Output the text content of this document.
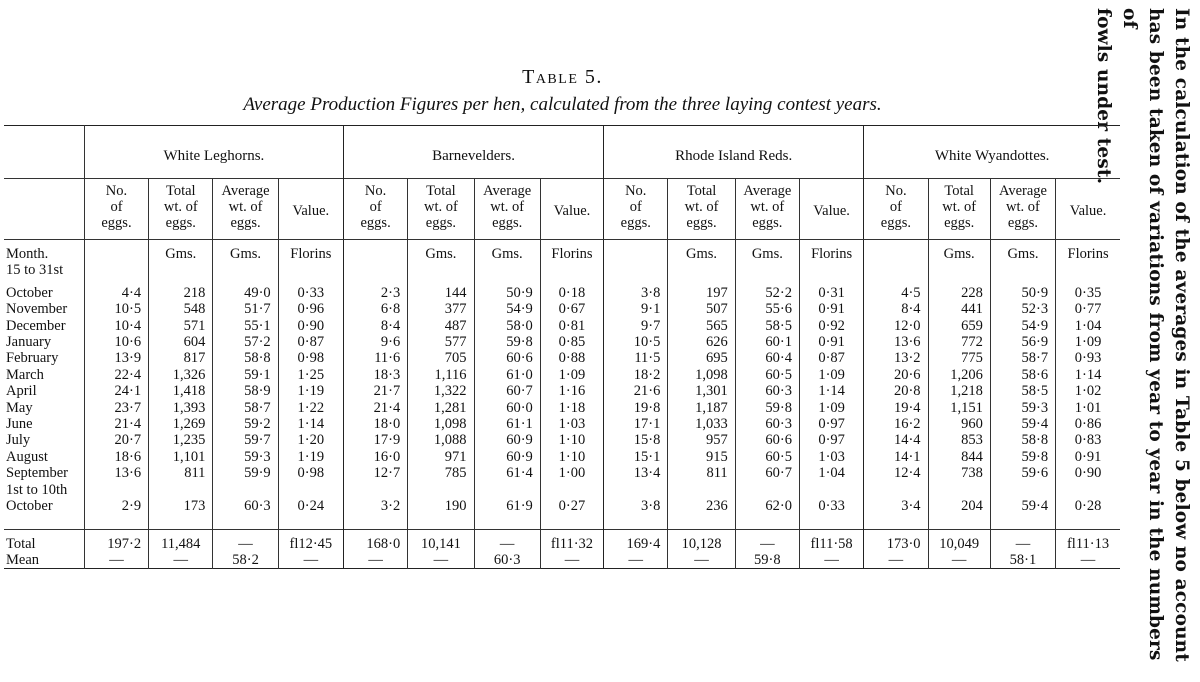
In the calculation of the averages in Table 5 below no account
has been taken of variations from year to year in the numbers of
fowls under test.
Table 5.
Average Production Figures per hen, calculated from the three laying contest years.
	White Leghorns.				Barnevelders.				Rhode Island Reds.				White Wyandottes.			

	No.
of
eggs.	Total
wt. of
eggs.	Average
wt. of
eggs.	Value.	No.
of
eggs.	Total
wt. of
eggs.	Average
wt. of
eggs.	Value.	No.
of
eggs.	Total
wt. of
eggs.	Average
wt. of
eggs.	Value.	No.
of
eggs.	Total
wt. of
eggs.	Average
wt. of
eggs.	Value.

Month.
15 to 31st		Gms.	Gms.	Florins		Gms.	Gms.	Florins		Gms.	Gms.	Florins		Gms.	Gms.	Florins
October	4·4	218	49·0	0·33	2·3	144	50·9	0·18	3·8	197	52·2	0·31	4·5	228	50·9	0·35
November	10·5	548	51·7	0·96	6·8	377	54·9	0·67	9·1	507	55·6	0·91	8·4	441	52·3	0·77
December	10·4	571	55·1	0·90	8·4	487	58·0	0·81	9·7	565	58·5	0·92	12·0	659	54·9	1·04
January	10·6	604	57·2	0·87	9·6	577	59·8	0·85	10·5	626	60·1	0·91	13·6	772	56·9	1·09
February	13·9	817	58·8	0·98	11·6	705	60·6	0·88	11·5	695	60·4	0·87	13·2	775	58·7	0·93
March	22·4	1,326	59·1	1·25	18·3	1,116	61·0	1·09	18·2	1,098	60·5	1·09	20·6	1,206	58·6	1·14
April	24·1	1,418	58·9	1·19	21·7	1,322	60·7	1·16	21·6	1,301	60·3	1·14	20·8	1,218	58·5	1·02
May	23·7	1,393	58·7	1·22	21·4	1,281	60·0	1·18	19·8	1,187	59·8	1·09	19·4	1,151	59·3	1·01
June	21·4	1,269	59·2	1·14	18·0	1,098	61·1	1·03	17·1	1,033	60·3	0·97	16·2	960	59·4	0·86
July	20·7	1,235	59·7	1·20	17·9	1,088	60·9	1·10	15·8	957	60·6	0·97	14·4	853	58·8	0·83
August	18·6	1,101	59·3	1·19	16·0	971	60·9	1·10	15·1	915	60·5	1·03	14·1	844	59·8	0·91
September	13·6	811	59·9	0·98	12·7	785	61·4	1·00	13·4	811	60·7	1·04	12·4	738	59·6	0·90

1st to 10th
October	2·9	173	60·3	0·24	3·2	190	61·9	0·27	3·8	236	62·0	0·33	3·4	204	59·4	0·28
Total	197·2	11,484	—	fl12·45	168·0	10,141	—	fl11·32	169·4	10,128	—	fl11·58	173·0	10,049	—	fl11·13
Mean	—	—	58·2	—	—	—	60·3	—	—	—	59·8	—	—	—	58·1	—
